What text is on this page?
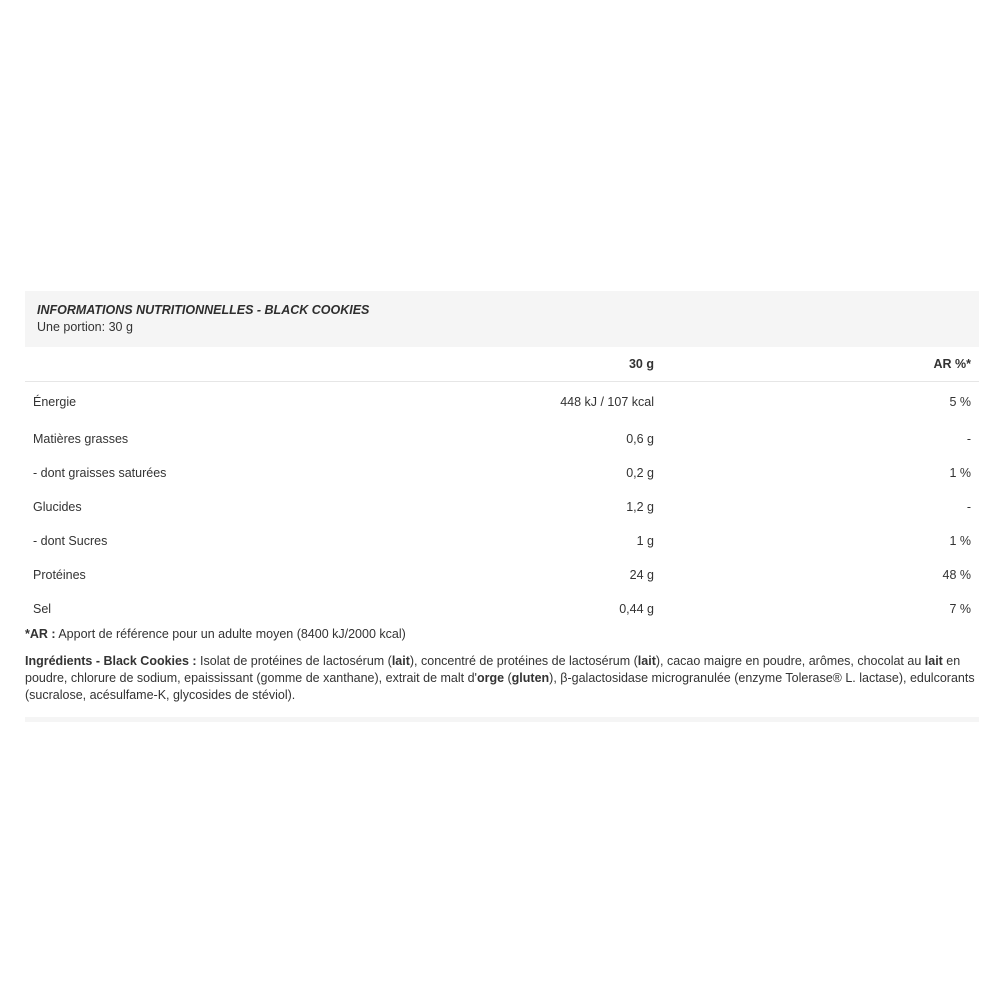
INFORMATIONS NUTRITIONNELLES - BLACK COOKIES
Une portion: 30 g
	30 g	AR %*
Énergie	448 kJ / 107 kcal	5 %
Matières grasses	0,6 g	-
- dont graisses saturées	0,2 g	1 %
Glucides	1,2 g	-
- dont Sucres	1 g	1 %
Protéines	24 g	48 %
Sel	0,44 g	7 %
*AR : Apport de référence pour un adulte moyen (8400 kJ/2000 kcal)
Ingrédients - Black Cookies : Isolat de protéines de lactosérum (lait), concentré de protéines de lactosérum (lait), cacao maigre en poudre, arômes, chocolat au lait en poudre, chlorure de sodium, epaississant (gomme de xanthane), extrait de malt d'orge (gluten), β-galactosidase microgranulée (enzyme Tolerase® L. lactase), edulcorants (sucralose, acésulfame-K, glycosides de stéviol).
